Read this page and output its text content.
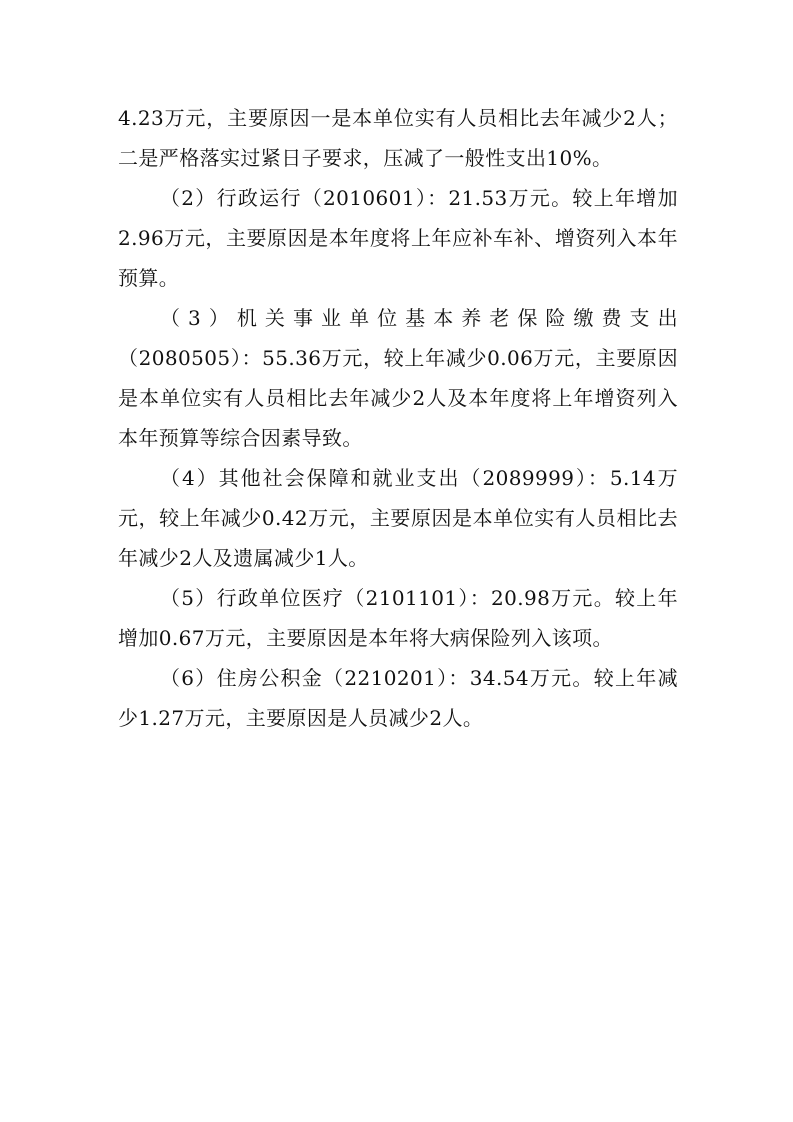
4.23万元，主要原因一是本单位实有人员相比去年减少2人；二是严格落实过紧日子要求，压减了一般性支出10%。

（2）行政运行（2010601）：21.53万元。较上年增加2.96万元，主要原因是本年度将上年应补车补、增资列入本年预算。

（3）机关事业单位基本养老保险缴费支出（2080505）：55.36万元，较上年减少0.06万元，主要原因是本单位实有人员相比去年减少2人及本年度将上年增资列入本年预算等综合因素导致。

（4）其他社会保障和就业支出（2089999）：5.14万元，较上年减少0.42万元，主要原因是本单位实有人员相比去年减少2人及遗属减少1人。

（5）行政单位医疗（2101101）：20.98万元。较上年增加0.67万元，主要原因是本年将大病保险列入该项。

（6）住房公积金（2210201）：34.54万元。较上年减少1.27万元，主要原因是人员减少2人。
